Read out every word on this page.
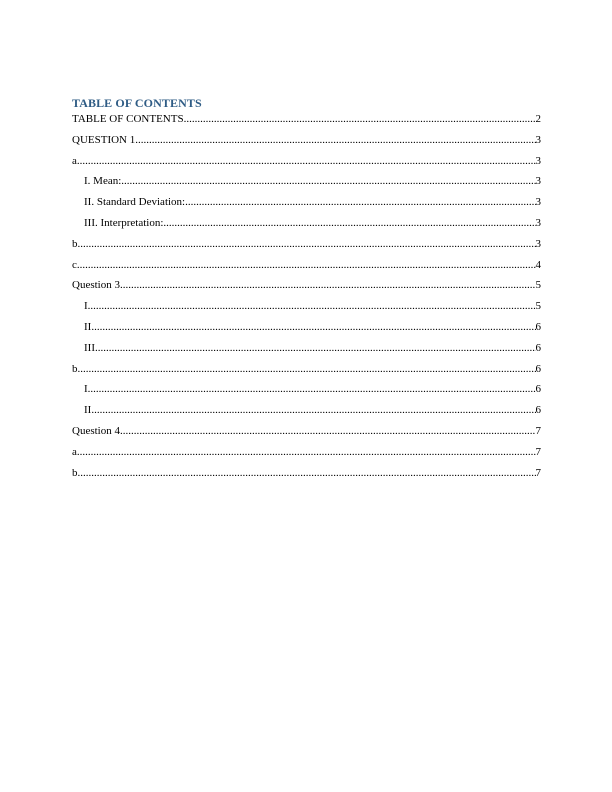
TABLE OF CONTENTS
TABLE OF CONTENTS .....	2
QUESTION 1 .....	3
a .....	3
I. Mean: .....	3
II. Standard Deviation: .....	3
III. Interpretation: .....	3
b .....	3
c .....	4
Question 3 .....	5
I .....	5
II .....	6
III .....	6
b .....	6
I .....	6
II .....	6
Question 4 .....	7
a .....	7
b .....	7
